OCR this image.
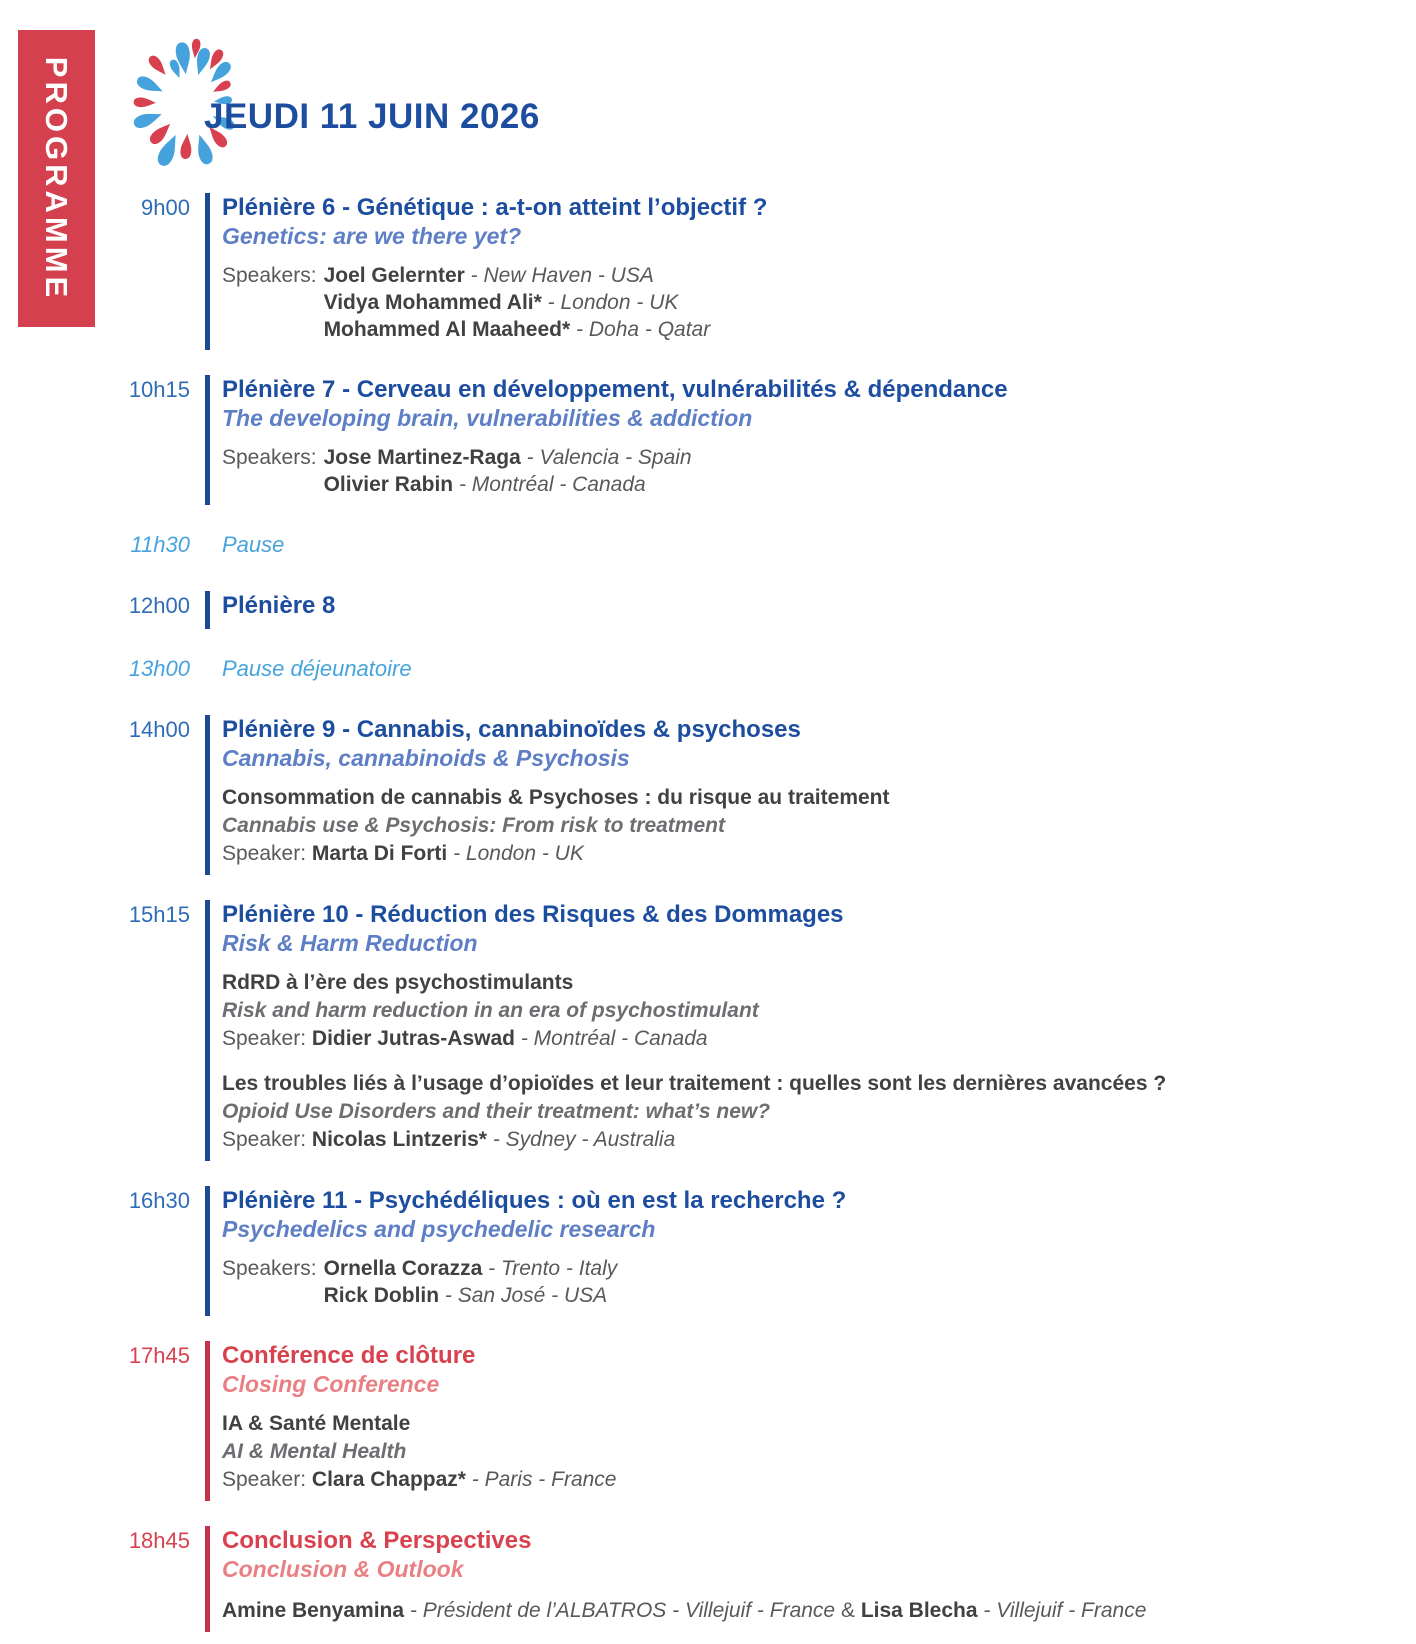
PROGRAMME	JEUDI 11 JUIN 2026
9h00	Plénière 6 - Génétique : a-t-on atteint l’objectif ?
Genetics: are we there yet?
Speakers: Joel Gelernter - New Haven - USA
Vidya Mohammed Ali* - London - UK
Mohammed Al Maaheed* - Doha - Qatar
10h15	Plénière 7 - Cerveau en développement, vulnérabilités & dépendance
The developing brain, vulnerabilities & addiction
Speakers: Jose Martinez-Raga - Valencia - Spain
Olivier Rabin - Montréal - Canada
11h30	Pause
12h00	Plénière 8
13h00	Pause déjeunatoire
14h00	Plénière 9 - Cannabis, cannabinoïdes & psychoses
Cannabis, cannabinoids & Psychosis
Consommation de cannabis & Psychoses : du risque au traitement
Cannabis use & Psychosis: From risk to treatment
Speaker: Marta Di Forti - London - UK
15h15	Plénière 10 - Réduction des Risques & des Dommages
Risk & Harm Reduction
RdRD à l’ère des psychostimulants
Risk and harm reduction in an era of psychostimulant
Speaker: Didier Jutras-Aswad - Montréal - Canada
Les troubles liés à l’usage d’opioïdes et leur traitement : quelles sont les dernières avancées ?
Opioid Use Disorders and their treatment: what’s new?
Speaker: Nicolas Lintzeris* - Sydney - Australia
16h30	Plénière 11 - Psychédéliques : où en est la recherche ?
Psychedelics and psychedelic research
Speakers: Ornella Corazza - Trento - Italy
Rick Doblin - San José - USA
17h45	Conférence de clôture
Closing Conference
IA & Santé Mentale
AI & Mental Health
Speaker: Clara Chappaz* - Paris - France
18h45	Conclusion & Perspectives
Conclusion & Outlook
Amine Benyamina - Président de l’ALBATROS - Villejuif - France & Lisa Blecha - Villejuif - France
